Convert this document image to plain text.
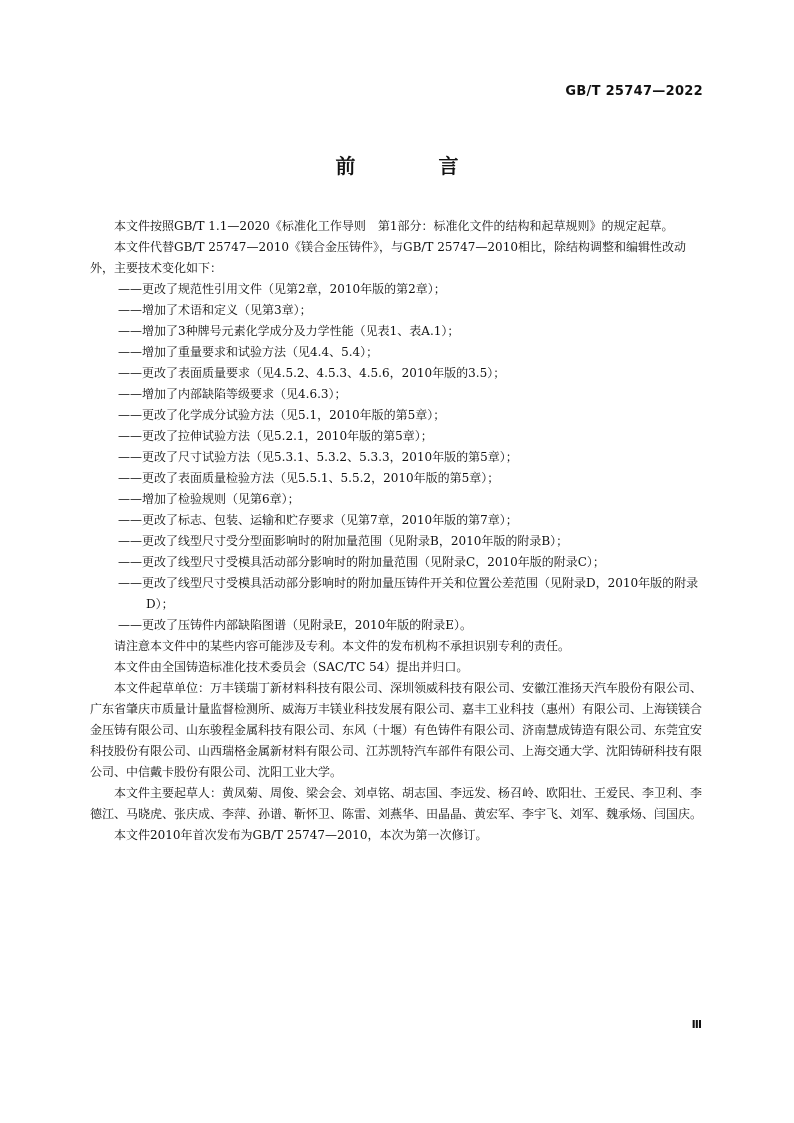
GB/T 25747—2022
前 言

本文件按照GB/T 1.1—2020《标准化工作导则　第1部分：标准化文件的结构和起草规则》的规定起草。

本文件代替GB/T 25747—2010《镁合金压铸件》，与GB/T 25747—2010相比，除结构调整和编辑性改动外，主要技术变化如下：

——更改了规范性引用文件（见第2章，2010年版的第2章）；

——增加了术语和定义（见第3章）；

——增加了3种牌号元素化学成分及力学性能（见表1、表A.1）；

——增加了重量要求和试验方法（见4.4、5.4）；

——更改了表面质量要求（见4.5.2、4.5.3、4.5.6，2010年版的3.5）；

——增加了内部缺陷等级要求（见4.6.3）；

——更改了化学成分试验方法（见5.1，2010年版的第5章）；

——更改了拉伸试验方法（见5.2.1，2010年版的第5章）；

——更改了尺寸试验方法（见5.3.1、5.3.2、5.3.3，2010年版的第5章）；

——更改了表面质量检验方法（见5.5.1、5.5.2，2010年版的第5章）；

——增加了检验规则（见第6章）；

——更改了标志、包装、运输和贮存要求（见第7章，2010年版的第7章）；

——更改了线型尺寸受分型面影响时的附加量范围（见附录B，2010年版的附录B）；

——更改了线型尺寸受模具活动部分影响时的附加量范围（见附录C，2010年版的附录C）；

——更改了线型尺寸受模具活动部分影响时的附加量压铸件开关和位置公差范围（见附录D，2010年版的附录D）；

——更改了压铸件内部缺陷图谱（见附录E，2010年版的附录E）。

请注意本文件中的某些内容可能涉及专利。本文件的发布机构不承担识别专利的责任。

本文件由全国铸造标准化技术委员会（SAC/TC 54）提出并归口。

本文件起草单位：万丰镁瑞丁新材料科技有限公司、深圳领威科技有限公司、安徽江淮扬天汽车股份有限公司、广东省肇庆市质量计量监督检测所、威海万丰镁业科技发展有限公司、嘉丰工业科技（惠州）有限公司、上海镁镁合金压铸有限公司、山东骏程金属科技有限公司、东风（十堰）有色铸件有限公司、济南慧成铸造有限公司、东莞宜安科技股份有限公司、山西瑞格金属新材料有限公司、江苏凯特汽车部件有限公司、上海交通大学、沈阳铸研科技有限公司、中信戴卡股份有限公司、沈阳工业大学。

本文件主要起草人：黄凤菊、周俊、梁会会、刘卓铭、胡志国、李远发、杨召岭、欧阳壮、王爱民、李卫利、李德江、马晓虎、张庆成、李萍、孙谱、靳怀卫、陈雷、刘燕华、田晶晶、黄宏军、李宇飞、刘军、魏承炀、闫国庆。

本文件2010年首次发布为GB/T 25747—2010，本次为第一次修订。

Ⅲ
